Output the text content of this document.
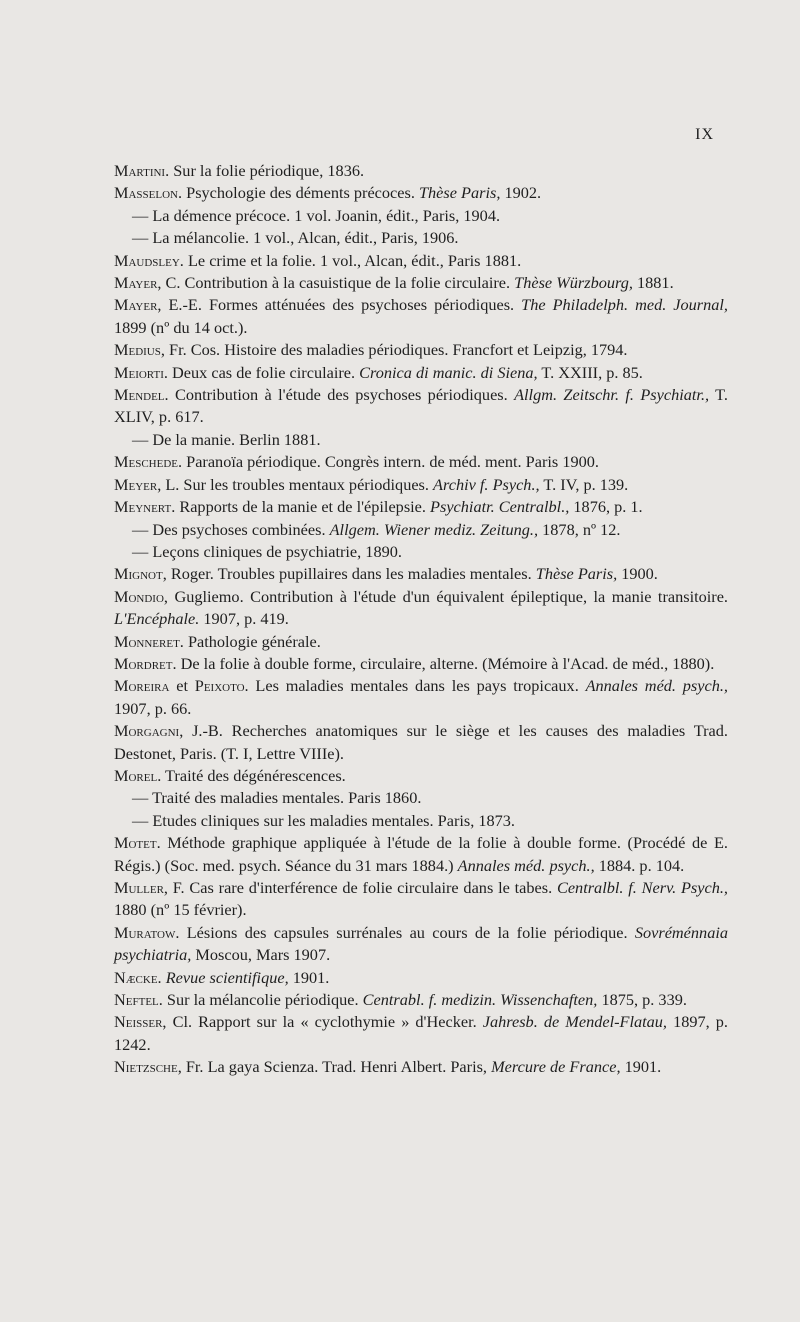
IX

Martini. Sur la folie périodique, 1836.

Masselon. Psychologie des déments précoces. Thèse Paris, 1902.

— La démence précoce. 1 vol. Joanin, édit., Paris, 1904.

— La mélancolie. 1 vol., Alcan, édit., Paris, 1906.

Maudsley. Le crime et la folie. 1 vol., Alcan, édit., Paris 1881.

Mayer, C. Contribution à la casuistique de la folie circulaire. Thèse Würzbourg, 1881.

Mayer, E.-E. Formes atténuées des psychoses périodiques. The Philadelph. med. Journal, 1899 (nº du 14 oct.).

Medius, Fr. Cos. Histoire des maladies périodiques. Francfort et Leipzig, 1794.

Meiorti. Deux cas de folie circulaire. Cronica di manic. di Siena, T. XXIII, p. 85.

Mendel. Contribution à l'étude des psychoses périodiques. Allgm. Zeitschr. f. Psychiatr., T. XLIV, p. 617.

— De la manie. Berlin 1881.

Meschede. Paranoïa périodique. Congrès intern. de méd. ment. Paris 1900.

Meyer, L. Sur les troubles mentaux périodiques. Archiv f. Psych., T. IV, p. 139.

Meynert. Rapports de la manie et de l'épilepsie. Psychiatr. Centralbl., 1876, p. 1.

— Des psychoses combinées. Allgem. Wiener mediz. Zeitung., 1878, nº 12.

— Leçons cliniques de psychiatrie, 1890.

Mignot, Roger. Troubles pupillaires dans les maladies mentales. Thèse Paris, 1900.

Mondio, Gugliemo. Contribution à l'étude d'un équivalent épileptique, la manie transitoire. L'Encéphale. 1907, p. 419.

Monneret. Pathologie générale.

Mordret. De la folie à double forme, circulaire, alterne. (Mémoire à l'Acad. de méd., 1880).

Moreira et Peixoto. Les maladies mentales dans les pays tropicaux. Annales méd. psych., 1907, p. 66.

Morgagni, J.-B. Recherches anatomiques sur le siège et les causes des maladies Trad. Destonet, Paris. (T. I, Lettre VIIIe).

Morel. Traité des dégénérescences.

— Traité des maladies mentales. Paris 1860.

— Etudes cliniques sur les maladies mentales. Paris, 1873.

Motet. Méthode graphique appliquée à l'étude de la folie à double forme. (Procédé de E. Régis.) (Soc. med. psych. Séance du 31 mars 1884.) Annales méd. psych., 1884. p. 104.

Muller, F. Cas rare d'interférence de folie circulaire dans le tabes. Centralbl. f. Nerv. Psych., 1880 (nº 15 février).

Muratow. Lésions des capsules surrénales au cours de la folie périodique. Sovréménnaia psychiatria, Moscou, Mars 1907.

Næcke. Revue scientifique, 1901.

Neftel. Sur la mélancolie périodique. Centrabl. f. medizin. Wissenchaften, 1875, p. 339.

Neisser, Cl. Rapport sur la « cyclothymie » d'Hecker. Jahresb. de Mendel-Flatau, 1897, p. 1242.

Nietzsche, Fr. La gaya Scienza. Trad. Henri Albert. Paris, Mercure de France, 1901.
